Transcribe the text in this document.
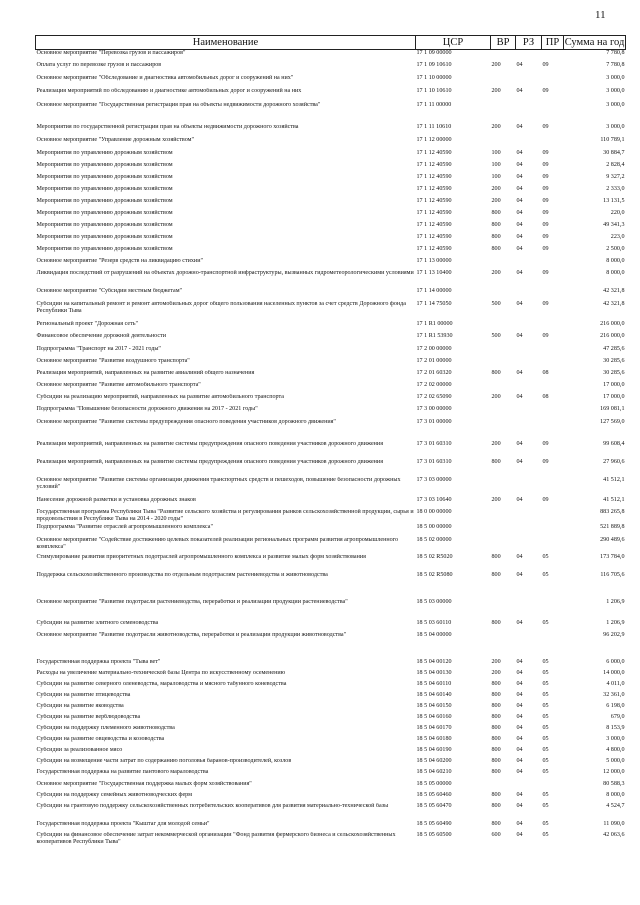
11
Наименование	ЦСР	ВР	РЗ	ПР	Сумма на год
Основное мероприятие "Перевозка грузов и пассажиров"	17 1 09 00000				7 780,8
Оплата услуг по перевозке грузов и пассажиров	17 1 09 10610	200	04	09	7 780,8
Основное мероприятие "Обследование и диагностика автомобильных дорог и сооружений на них"	17 1 10 00000				3 000,0
Реализация мероприятий по обследованию и диагностике автомобильных дорог и сооружений на них	17 1 10 10610	200	04	09	3 000,0
Основное мероприятие "Государственная регистрация прав на объекты недвижимости дорожного хозяйства"	17 1 11 00000				3 000,0
Мероприятия по государственной регистрации прав на объекты недвижимости дорожного хозяйства	17 1 11 10610	200	04	09	3 000,0
Основное мероприятие "Управление дорожным хозяйством"	17 1 12 00000				110 789,1
Мероприятия по управлению дорожным хозяйством	17 1 12 40590	100	04	09	30 884,7
Мероприятия по управлению дорожным хозяйством	17 1 12 40590	100	04	09	2 828,4
Мероприятия по управлению дорожным хозяйством	17 1 12 40590	100	04	09	9 327,2
Мероприятия по управлению дорожным хозяйством	17 1 12 40590	200	04	09	2 333,0
Мероприятия по управлению дорожным хозяйством	17 1 12 40590	200	04	09	13 131,5
Мероприятия по управлению дорожным хозяйством	17 1 12 40590	800	04	09	220,0
Мероприятия по управлению дорожным хозяйством	17 1 12 40590	800	04	09	49 341,3
Мероприятия по управлению дорожным хозяйством	17 1 12 40590	800	04	09	223,0
Мероприятия по управлению дорожным хозяйством	17 1 12 40590	800	04	09	2 500,0
Основное мероприятие "Резерв средств на ликвидацию стихии"	17 1 13 00000				8 000,0
Ликвидация последствий от разрушений на объектах дорожно-транспортной инфраструктуры, вызванных гидрометеорологическими условиями	17 1 13 10400	200	04	09	8 000,0
Основное мероприятие "Субсидии местным бюджетам"	17 1 14 00000				42 321,8
Субсидии на капитальный ремонт и ремонт автомобильных дорог общего пользования населенных пунктов за счет средств Дорожного фонда Республики Тыва	17 1 14 75050	500	04	09	42 321,8
Региональный проект "Дорожная сеть"	17 1 R1 00000				216 000,0
Финансовое обеспечение дорожной деятельности	17 1 R1 53930	500	04	09	216 000,0
Подпрограмма "Транспорт на 2017 - 2021 годы"	17 2 00 00000				47 285,6
Основное мероприятие "Развитие воздушного транспорта"	17 2 01 00000				30 285,6
Реализация мероприятий, направленных на развитие авиалиний общего назначения	17 2 01 60320	800	04	08	30 285,6
Основное мероприятие "Развитие автомобильного транспорта"	17 2 02 00000				17 000,0
Субсидии на реализацию мероприятий, направленных на развитие автомобильного транспорта	17 2 02 65090	200	04	08	17 000,0
Подпрограмма "Повышение безопасности дорожного движения на 2017 - 2021 годы"	17 3 00 00000				169 081,1
Основное мероприятие "Развитие системы предупреждения опасного поведения участников дорожного движения"	17 3 01 00000				127 569,0
Реализация мероприятий, направленных на развитие системы предупреждения опасного поведения участников дорожного движения	17 3 01 60310	200	04	09	99 608,4
Реализация мероприятий, направленных на развитие системы предупреждения опасного поведения участников дорожного движения	17 3 01 60310	800	04	09	27 960,6
Основное мероприятие "Развитие системы организации движения транспортных средств и пешеходов, повышение безопасности дорожных условий"	17 3 03 00000				41 512,1
Нанесение дорожной разметки и установка дорожных знаков	17 3 03 10640	200	04	09	41 512,1
Государственная программа Республики Тыва "Развитие сельского хозяйства и регулирования рынков сельскохозяйственной продукции, сырья и продовольствия в Республике Тыва на 2014 - 2020 годы"	18 0 00 00000				883 265,8
Подпрограмма "Развитие отраслей агропромышленного комплекса"	18 5 00 00000				521 889,8
Основное мероприятие "Содействие достижению целевых показателей реализации региональных программ развития агропромышленного комплекса"	18 5 02 00000				290 489,6
Стимулирование развития приоритетных подотраслей агропромышленного комплекса и развитие малых форм хозяйствования	18 5 02 R5020	800	04	05	173 784,0
Поддержка сельскохозяйственного производства по отдельным подотраслям растениеводства и животноводства	18 5 02 R5080	800	04	05	116 705,6
Основное мероприятие "Развитие подотрасли растениеводства, переработки и реализации продукции растениеводства"	18 5 03 00000				1 206,9
Субсидии на развитие элитного семеноводства	18 5 03 60110	800	04	05	1 206,9
Основное мероприятие "Развитие подотрасли животноводства, переработки и реализации продукции животноводства"	18 5 04 00000				96 202,9
Государственная поддержка проекта "Тыва вет"	18 5 04 00120	200	04	05	6 000,0
Расходы на увеличение материально-технической базы Центра по искусственному осеменению	18 5 04 00130	200	04	05	14 000,0
Субсидии на развитие северного оленеводства, мараловодства и мясного табунного коневодства	18 5 04 60110	800	04	05	4 011,0
Субсидии на развитие птицеводства	18 5 04 60140	800	04	05	32 361,0
Субсидии на развитие яководства	18 5 04 60150	800	04	05	6 198,0
Субсидии на развитие верблюдоводства	18 5 04 60160	800	04	05	679,0
Субсидии на поддержку племенного животноводства	18 5 04 60170	800	04	05	8 153,9
Субсидии на развитие овцеводства и козоводства	18 5 04 60180	800	04	05	3 000,0
Субсидии за реализованное мясо	18 5 04 60190	800	04	05	4 800,0
Субсидии на возмещение части затрат по содержанию поголовья баранов-производителей, козлов	18 5 04 60200	800	04	05	5 000,0
Государственная поддержка на развитие пантового мараловодства	18 5 04 60210	800	04	05	12 000,0
Основное мероприятие "Государственная поддержка малых форм хозяйствования"	18 5 05 00000				80 588,3
Субсидии на поддержку семейных животноводческих ферм	18 5 05 60460	800	04	05	8 000,0
Субсидии на грантовую поддержку сельскохозяйственных потребительских кооперативов для развития материально-технической базы	18 5 05 60470	800	04	05	4 524,7
Государственная поддержка проекта "Кыштаг для молодой семьи"	18 5 05 60490	800	04	05	11 090,0
Субсидии на финансовое обеспечение затрат некоммерческой организации "Фонд развития фермерского бизнеса и сельскохозяйственных кооперативов Республики Тыва"	18 5 05 60500	600	04	05	42 063,6
